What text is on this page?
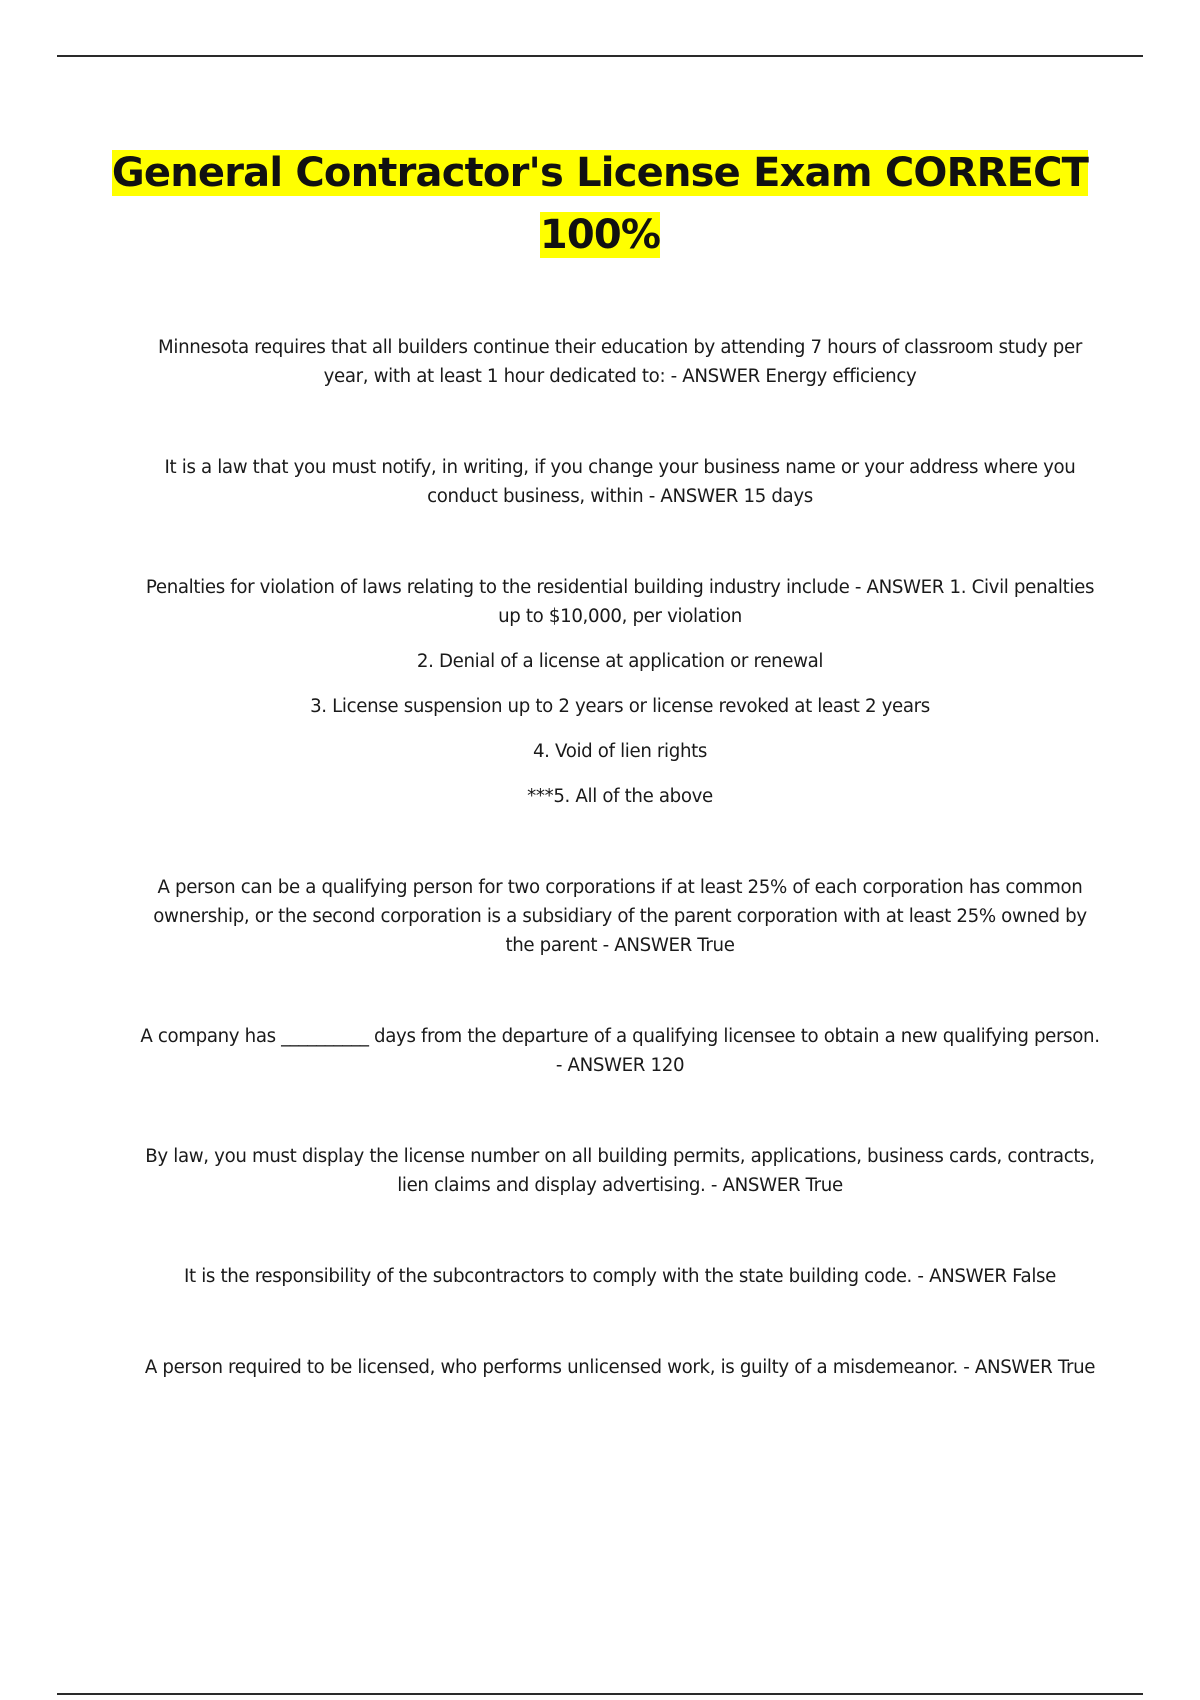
General Contractor's License Exam CORRECT 100%

Minnesota requires that all builders continue their education by attending 7 hours of classroom study per year, with at least 1 hour dedicated to: - ANSWER Energy efficiency

It is a law that you must notify, in writing, if you change your business name or your address where you conduct business, within - ANSWER 15 days

Penalties for violation of laws relating to the residential building industry include - ANSWER 1. Civil penalties up to $10,000, per violation

2. Denial of a license at application or renewal

3. License suspension up to 2 years or license revoked at least 2 years

4. Void of lien rights

***5. All of the above

A person can be a qualifying person for two corporations if at least 25% of each corporation has common ownership, or the second corporation is a subsidiary of the parent corporation with at least 25% owned by the parent - ANSWER True

A company has __________ days from the departure of a qualifying licensee to obtain a new qualifying person. - ANSWER 120

By law, you must display the license number on all building permits, applications, business cards, contracts, lien claims and display advertising. - ANSWER True

It is the responsibility of the subcontractors to comply with the state building code. - ANSWER False

A person required to be licensed, who performs unlicensed work, is guilty of a misdemeanor. - ANSWER True
